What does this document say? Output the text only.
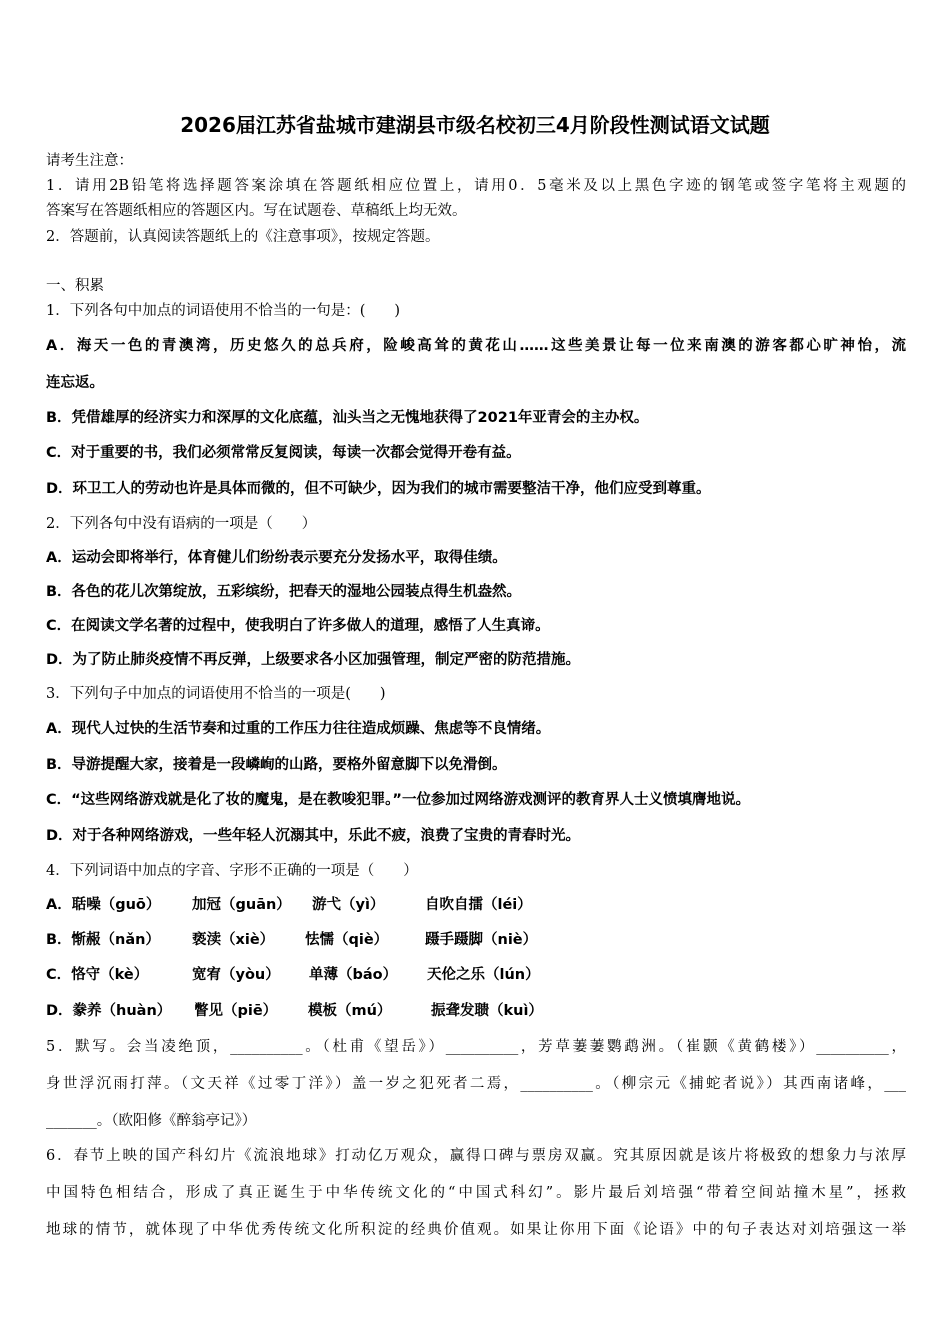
2026届江苏省盐城市建湖县市级名校初三4月阶段性测试语文试题
请考生注意：
1．请用2B铅笔将选择题答案涂填在答题纸相应位置上，请用0．5毫米及以上黑色字迹的钢笔或签字笔将主观题的
答案写在答题纸相应的答题区内。写在试题卷、草稿纸上均无效。
2．答题前，认真阅读答题纸上的《注意事项》，按规定答题。
一、积累
1．下列各句中加点的词语使用不恰当的一句是：(　　)
A．海天一色的青澳湾，历史悠久的总兵府，险峻高耸的黄花山……这些美景让每一位来南澳的游客都心旷神怡，流
连忘返。
B．凭借雄厚的经济实力和深厚的文化底蕴，汕头当之无愧地获得了2021年亚青会的主办权。
C．对于重要的书，我们必须常常反复阅读，每读一次都会觉得开卷有益。
D．环卫工人的劳动也许是具体而微的，但不可缺少，因为我们的城市需要整洁干净，他们应受到尊重。
2．下列各句中没有语病的一项是（　　）
A．运动会即将举行，体育健儿们纷纷表示要充分发扬水平，取得佳绩。
B．各色的花儿次第绽放，五彩缤纷，把春天的湿地公园装点得生机盎然。
C．在阅读文学名著的过程中，使我明白了许多做人的道理，感悟了人生真谛。
D．为了防止肺炎疫情不再反弹，上级要求各小区加强管理，制定严密的防范措施。
3．下列句子中加点的词语使用不恰当的一项是(　　)
A．现代人过快的生活节奏和过重的工作压力往往造成烦躁、焦虑等不良情绪。
B．导游提醒大家，接着是一段嶙峋的山路，要格外留意脚下以免滑倒。
C．“这些网络游戏就是化了妆的魔鬼，是在教唆犯罪。”一位参加过网络游戏测评的教育界人士义愤填膺地说。
D．对于各种网络游戏，一些年轻人沉溺其中，乐此不疲，浪费了宝贵的青春时光。
4．下列词语中加点的字音、字形不正确的一项是（　　）
A．聒噪（guō） 加冠（guān） 游弋（yì）	自吹自擂（léi）
B．惭赧（nǎn） 亵渎（xiè） 怯懦（qiè）	蹑手蹑脚（niè）
C．恪守（kè）	宽宥（yòu） 单薄（báo） 天伦之乐（lún）
D．豢养（huàn） 瞥见（piē） 模板（mú）	振聋发聩（kuì）
5．默写。会当凌绝顶，__________。（杜甫《望岳》）__________，芳草萋萋鹦鹉洲。（崔颢《黄鹤楼》）__________，
身世浮沉雨打萍。（文天祥《过零丁洋》）盖一岁之犯死者二焉，__________。（柳宗元《捕蛇者说》）其西南诸峰，___
_______。（欧阳修《醉翁亭记》）
6．春节上映的国产科幻片《流浪地球》打动亿万观众，赢得口碑与票房双赢。究其原因就是该片将极致的想象力与浓厚
中国特色相结合，形成了真正诞生于中华传统文化的“中国式科幻”。影片最后刘培强“带着空间站撞木星”，拯救
地球的情节，就体现了中华优秀传统文化所积淀的经典价值观。如果让你用下面《论语》中的句子表达对刘培强这一举
